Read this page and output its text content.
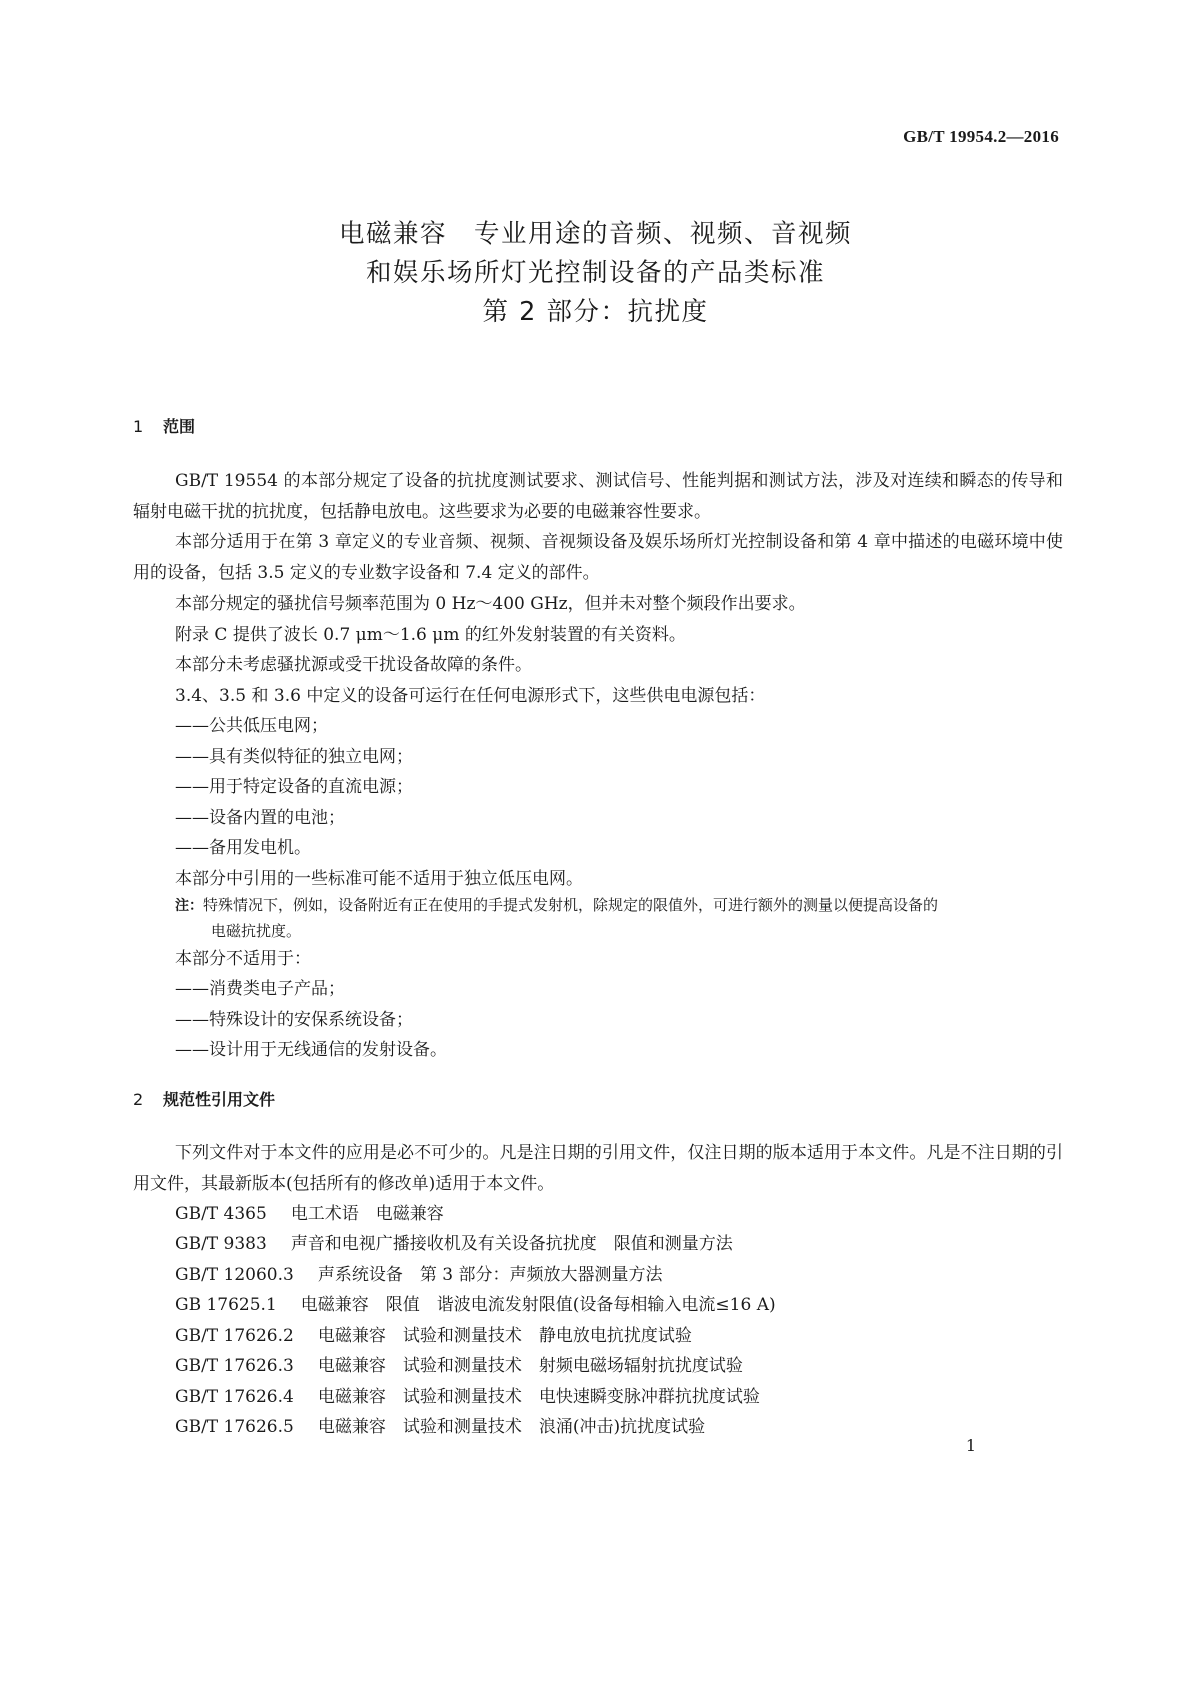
GB/T 19954.2—2016
电磁兼容　专业用途的音频、视频、音视频
和娱乐场所灯光控制设备的产品类标准
第 2 部分：抗扰度
1 范围

GB/T 19554 的本部分规定了设备的抗扰度测试要求、测试信号、性能判据和测试方法，涉及对连续和瞬态的传导和辐射电磁干扰的抗扰度，包括静电放电。这些要求为必要的电磁兼容性要求。

本部分适用于在第 3 章定义的专业音频、视频、音视频设备及娱乐场所灯光控制设备和第 4 章中描述的电磁环境中使用的设备，包括 3.5 定义的专业数字设备和 7.4 定义的部件。

本部分规定的骚扰信号频率范围为 0 Hz～400 GHz，但并未对整个频段作出要求。
附录 C 提供了波长 0.7 μm～1.6 μm 的红外发射装置的有关资料。
本部分未考虑骚扰源或受干扰设备故障的条件。
3.4、3.5 和 3.6 中定义的设备可运行在任何电源形式下，这些供电电源包括：
——公共低压电网；
——具有类似特征的独立电网；
——用于特定设备的直流电源；
——设备内置的电池；
——备用发电机。
本部分中引用的一些标准可能不适用于独立低压电网。
注：特殊情况下，例如，设备附近有正在使用的手提式发射机，除规定的限值外，可进行额外的测量以便提高设备的
电磁抗扰度。
本部分不适用于：
——消费类电子产品；
——特殊设计的安保系统设备；
——设计用于无线通信的发射设备。
2 规范性引用文件

下列文件对于本文件的应用是必不可少的。凡是注日期的引用文件，仅注日期的版本适用于本文件。凡是不注日期的引用文件，其最新版本(包括所有的修改单)适用于本文件。

GB/T 4365 电工术语　电磁兼容
GB/T 9383 声音和电视广播接收机及有关设备抗扰度　限值和测量方法
GB/T 12060.3 声系统设备　第 3 部分：声频放大器测量方法
GB 17625.1 电磁兼容　限值　谐波电流发射限值(设备每相输入电流≤16 A)
GB/T 17626.2 电磁兼容　试验和测量技术　静电放电抗扰度试验
GB/T 17626.3 电磁兼容　试验和测量技术　射频电磁场辐射抗扰度试验
GB/T 17626.4 电磁兼容　试验和测量技术　电快速瞬变脉冲群抗扰度试验
GB/T 17626.5 电磁兼容　试验和测量技术　浪涌(冲击)抗扰度试验
1
